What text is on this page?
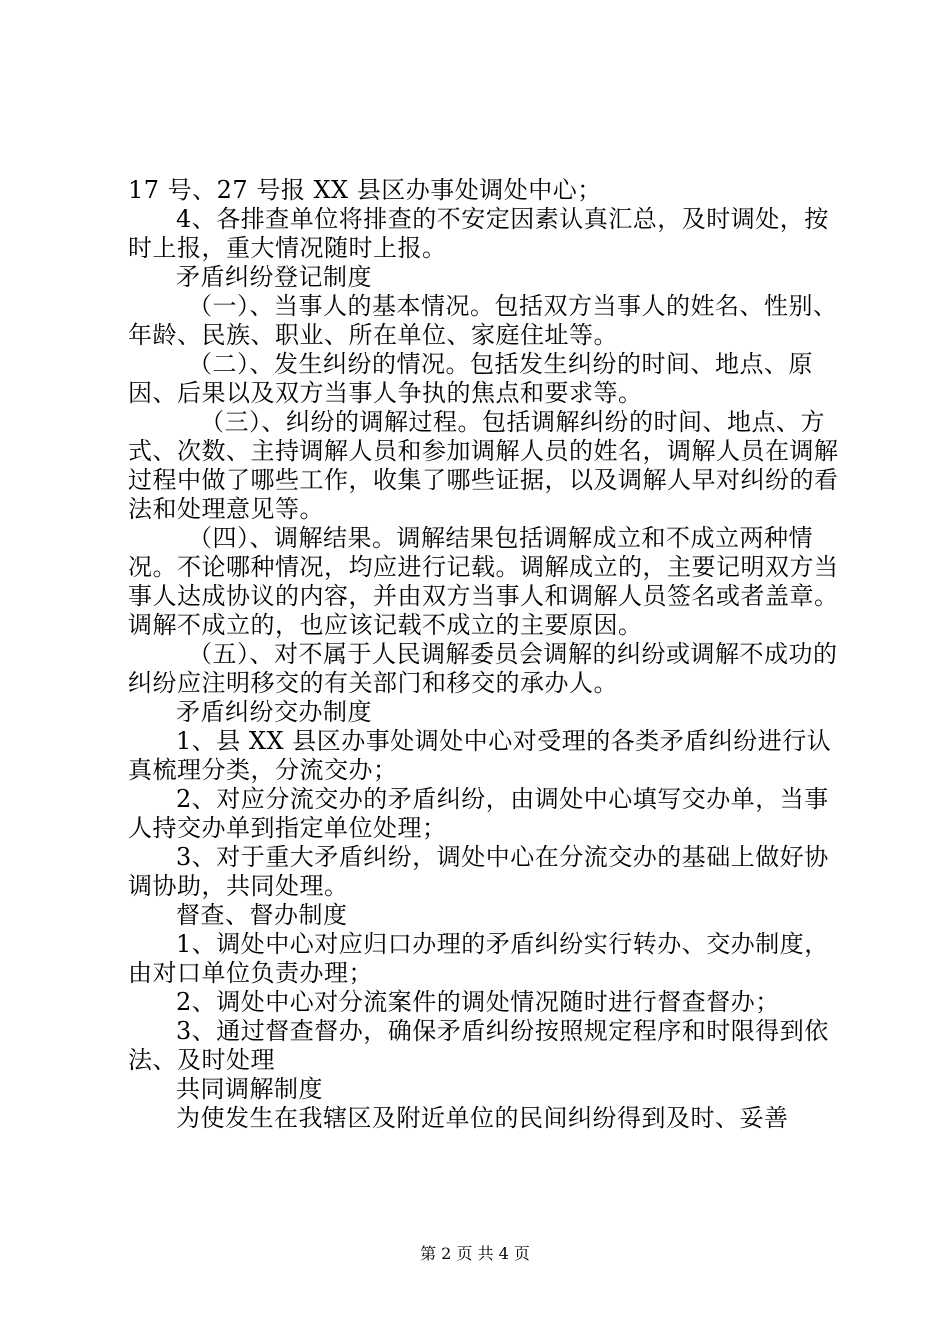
17 号、27 号报 XX 县区办事处调处中心；

4、各排查单位将排查的不安定因素认真汇总，及时调处，按时上报，重大情况随时上报。

矛盾纠纷登记制度

（一）、当事人的基本情况。包括双方当事人的姓名、性别、年龄、民族、职业、所在单位、家庭住址等。

（二）、发生纠纷的情况。包括发生纠纷的时间、地点、原因、后果以及双方当事人争执的焦点和要求等。

（三）、纠纷的调解过程。包括调解纠纷的时间、地点、方式、次数、主持调解人员和参加调解人员的姓名，调解人员在调解过程中做了哪些工作，收集了哪些证据，以及调解人早对纠纷的看法和处理意见等。

（四）、调解结果。调解结果包括调解成立和不成立两种情况。不论哪种情况，均应进行记载。调解成立的，主要记明双方当事人达成协议的内容，并由双方当事人和调解人员签名或者盖章。调解不成立的，也应该记载不成立的主要原因。

（五）、对不属于人民调解委员会调解的纠纷或调解不成功的纠纷应注明移交的有关部门和移交的承办人。

矛盾纠纷交办制度

1、县 XX 县区办事处调处中心对受理的各类矛盾纠纷进行认真梳理分类，分流交办；

2、对应分流交办的矛盾纠纷，由调处中心填写交办单，当事人持交办单到指定单位处理；

3、对于重大矛盾纠纷，调处中心在分流交办的基础上做好协调协助，共同处理。

督查、督办制度

1、调处中心对应归口办理的矛盾纠纷实行转办、交办制度，由对口单位负责办理；

2、调处中心对分流案件的调处情况随时进行督查督办；

3、通过督查督办，确保矛盾纠纷按照规定程序和时限得到依法、及时处理

共同调解制度

为使发生在我辖区及附近单位的民间纠纷得到及时、妥善

第 2 页 共 4 页
